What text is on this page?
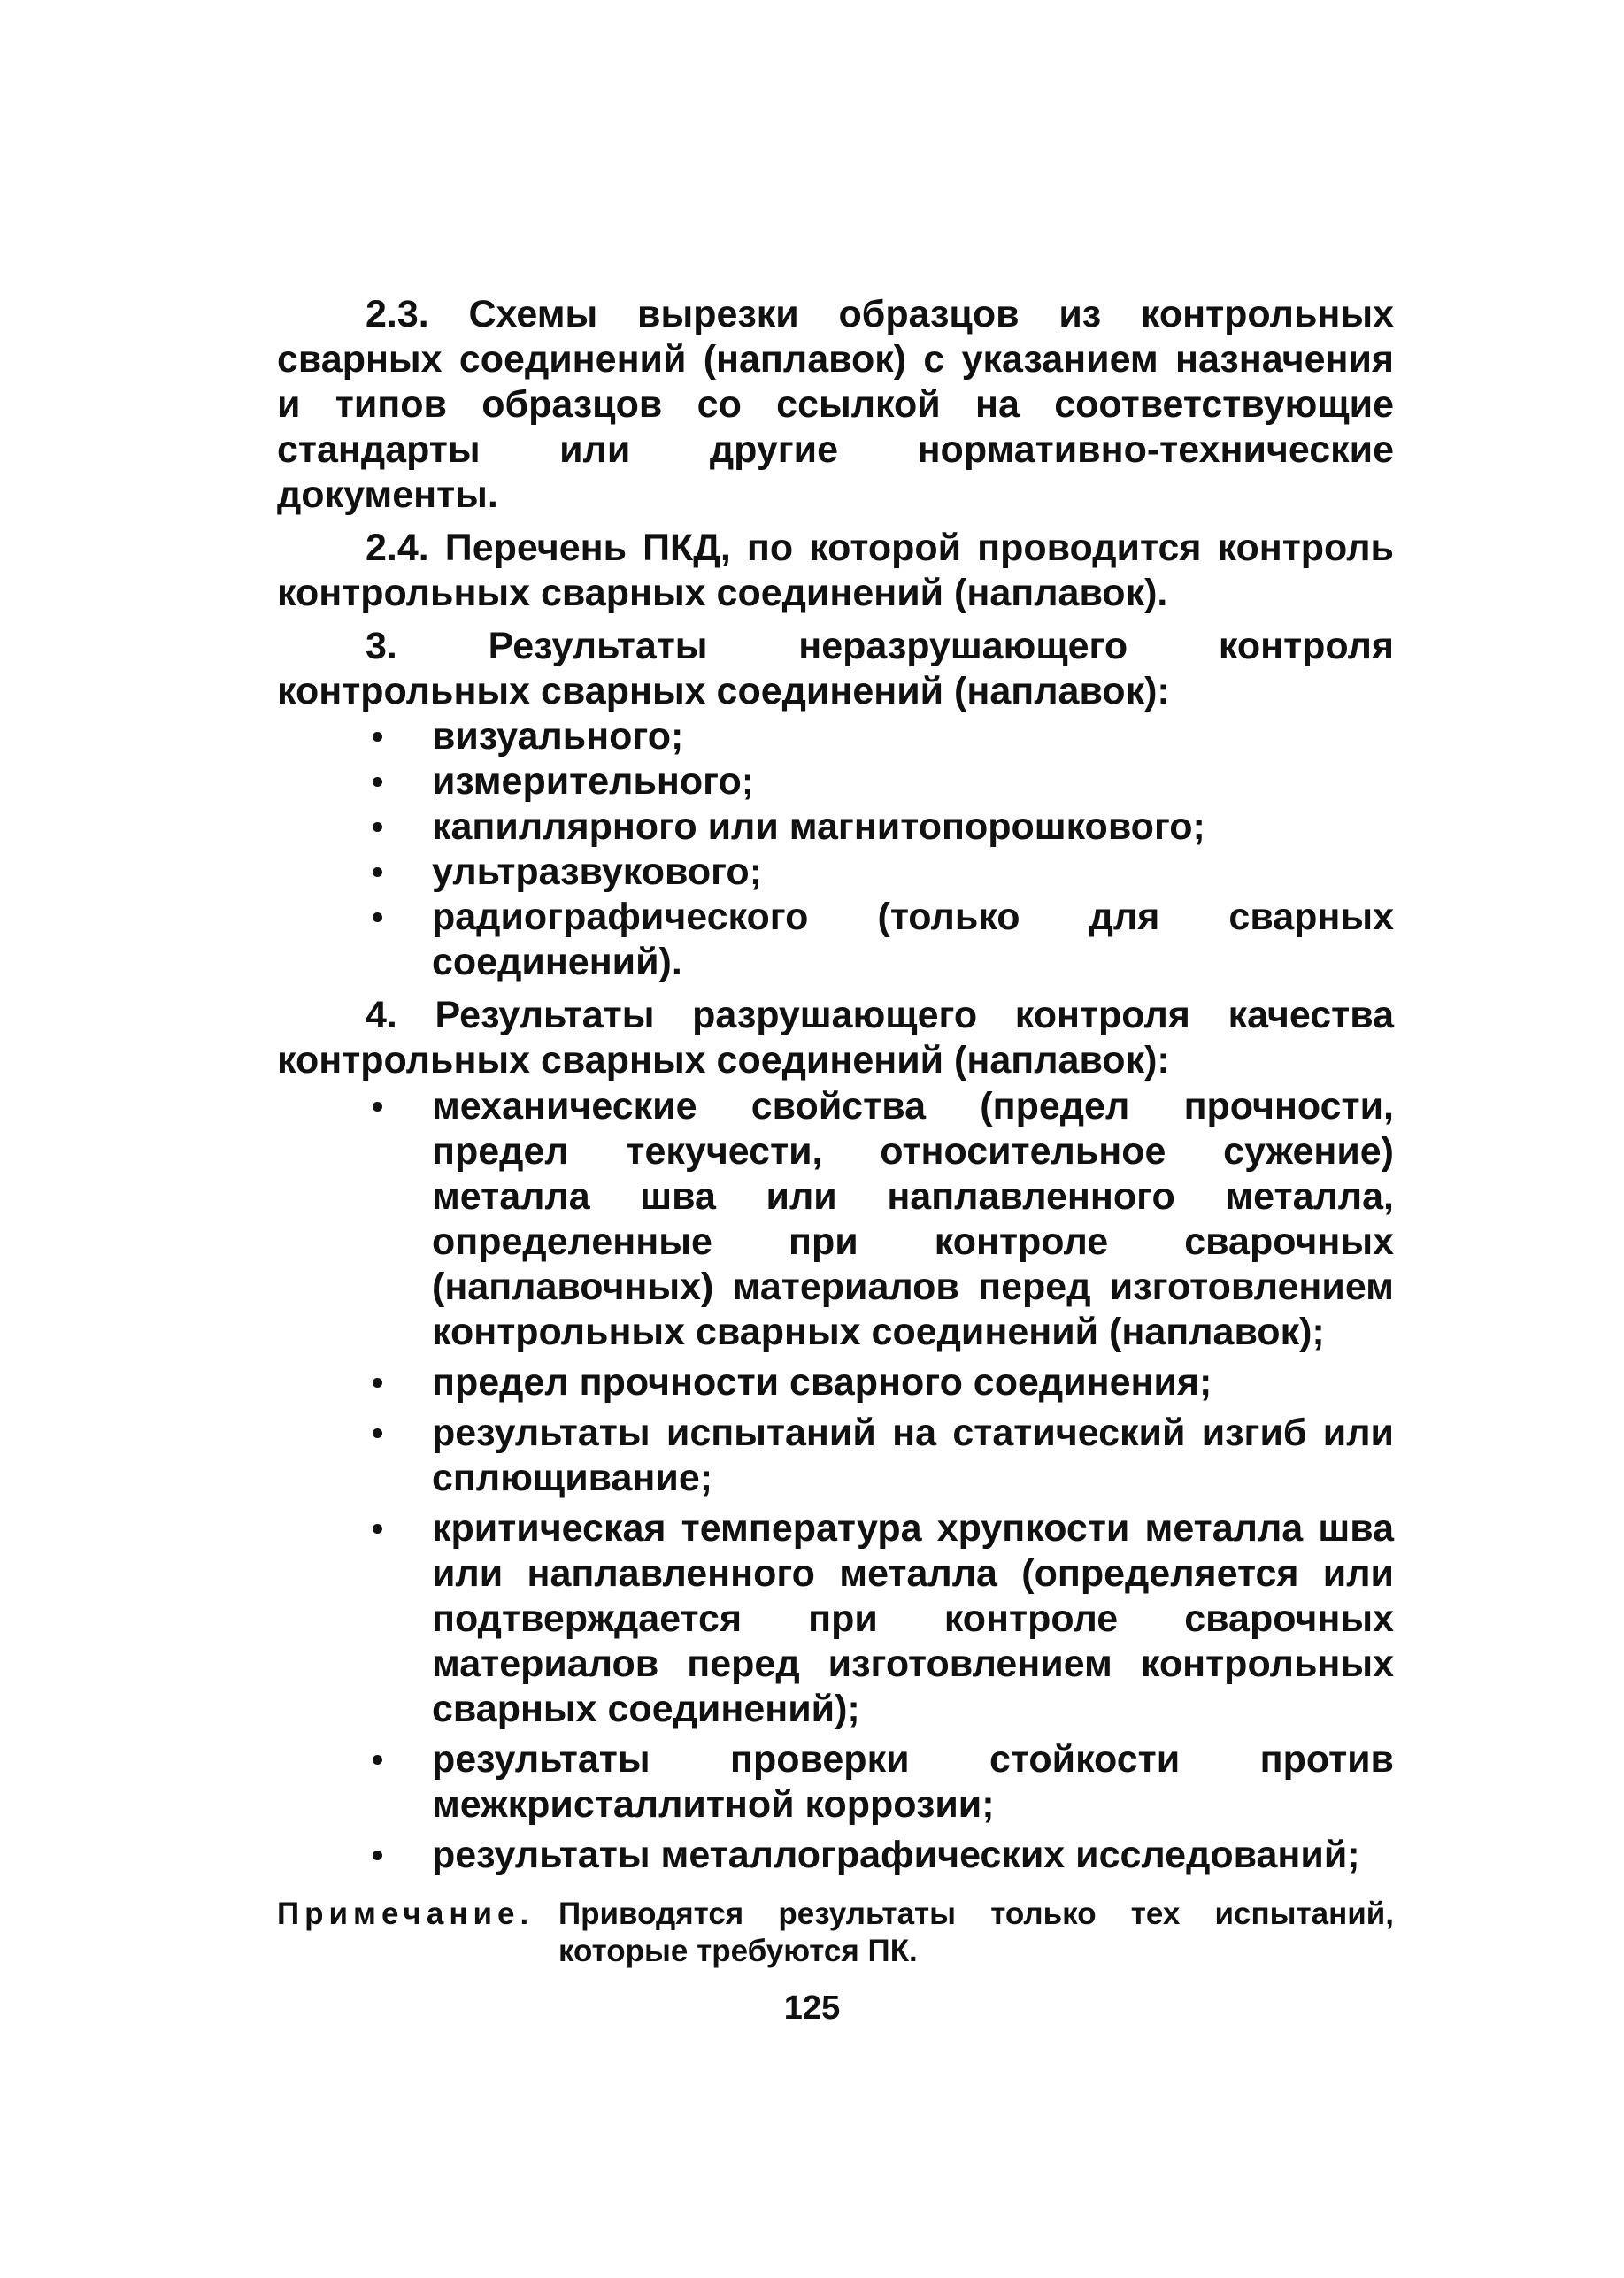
2.3. Схемы вырезки образцов из контрольных сварных соединений (наплавок) с указанием назначения и типов образцов со ссылкой на соответствующие стандарты или другие нормативно-технические документы.

2.4. Перечень ПКД, по которой проводится контроль контрольных сварных соединений (наплавок).

3. Результаты неразрушающего контроля контрольных сварных соединений (наплавок):

визуального;
измерительного;
капиллярного или магнитопорошкового;
ультразвукового;
радиографического (только для сварных соединений).

4. Результаты разрушающего контроля качества контрольных сварных соединений (наплавок):

механические свойства (предел прочности, предел текучести, относительное сужение) металла шва или наплавленного металла, определенные при контроле сварочных (наплавочных) материалов перед изготовлением контрольных сварных соединений (наплавок);
предел прочности сварного соединения;
результаты испытаний на статический изгиб или сплющивание;
критическая температура хрупкости металла шва или наплавленного металла (определяется или подтверждается при контроле сварочных материалов перед изготовлением контрольных сварных соединений);
результаты проверки стойкости против межкристаллитной коррозии;
результаты металлографических исследований;
Примечание. Приводятся результаты только тех испытаний, которые требуются ПК.
125
